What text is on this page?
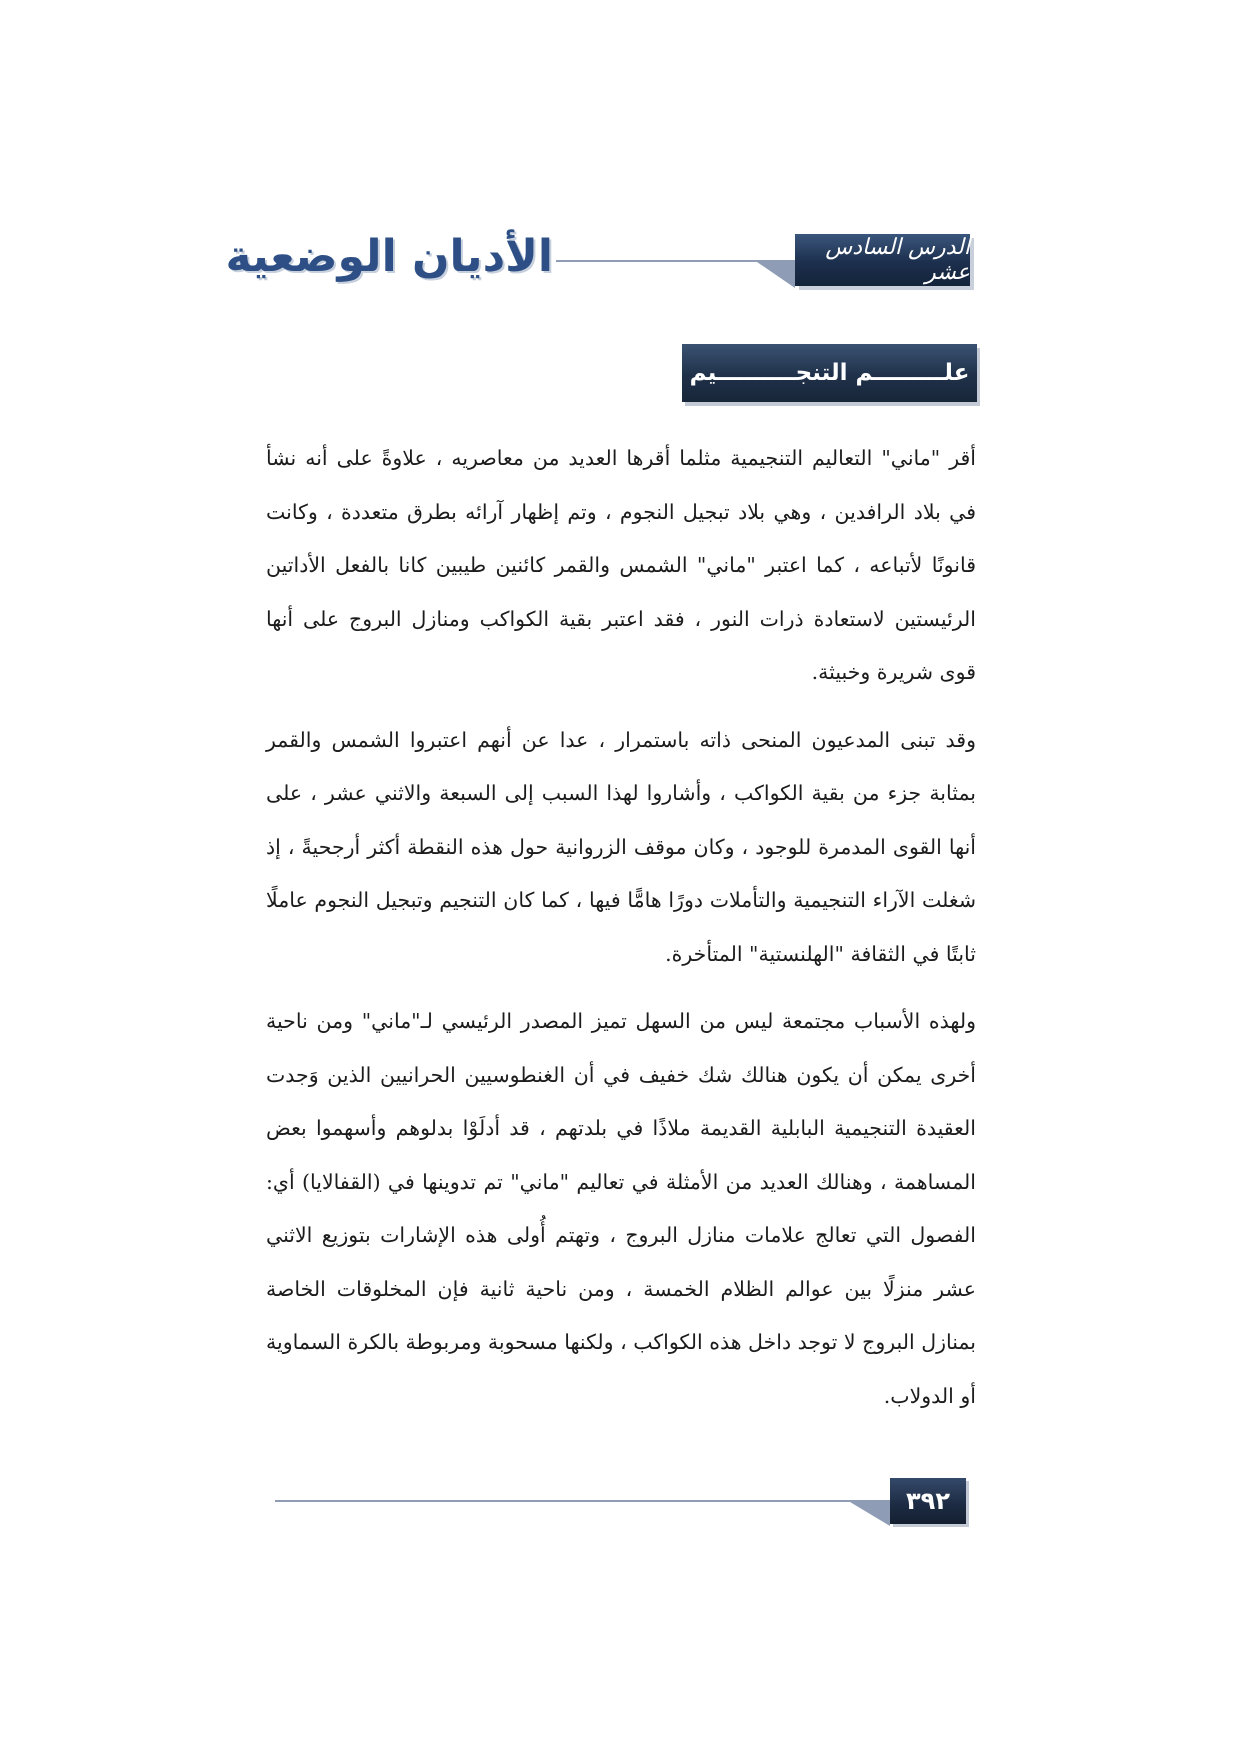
الدرس السادس عشر
الأديان الوضعية
علـــــــــم التنجــــــــــيم

أقر "ماني" التعاليم التنجيمية مثلما أقرها العديد من معاصريه ، علاوةً على أنه نشأ في بلاد الرافدين ، وهي بلاد تبجيل النجوم ، وتم إظهار آرائه بطرق متعددة ، وكانت قانونًا لأتباعه ، كما اعتبر "ماني" الشمس والقمر كائنين طيبين كانا بالفعل الأداتين الرئيستين لاستعادة ذرات النور ، فقد اعتبر بقية الكواكب ومنازل البروج على أنها قوى شريرة وخبيثة.

وقد تبنى المدعيون المنحى ذاته باستمرار ، عدا عن أنهم اعتبروا الشمس والقمر بمثابة جزء من بقية الكواكب ، وأشاروا لهذا السبب إلى السبعة والاثني عشر ، على أنها القوى المدمرة للوجود ، وكان موقف الزروانية حول هذه النقطة أكثر أرجحيةً ، إذ شغلت الآراء التنجيمية والتأملات دورًا هامًّا فيها ، كما كان التنجيم وتبجيل النجوم عاملًا ثابتًا في الثقافة "الهلنستية" المتأخرة.

ولهذه الأسباب مجتمعة ليس من السهل تميز المصدر الرئيسي لـ"ماني" ومن ناحية أخرى يمكن أن يكون هنالك شك خفيف في أن الغنطوسيين الحرانيين الذين وَجدت العقيدة التنجيمية البابلية القديمة ملاذًا في بلدتهم ، قد أدلَوْا بدلوهم وأسهموا بعض المساهمة ، وهنالك العديد من الأمثلة في تعاليم "ماني" تم تدوينها في (القفالايا) أي: الفصول التي تعالج علامات منازل البروج ، وتهتم أُولى هذه الإشارات بتوزيع الاثني عشر منزلًا بين عوالم الظلام الخمسة ، ومن ناحية ثانية فإن المخلوقات الخاصة بمنازل البروج لا توجد داخل هذه الكواكب ، ولكنها مسحوبة ومربوطة بالكرة السماوية أو الدولاب.

٣٩٢
